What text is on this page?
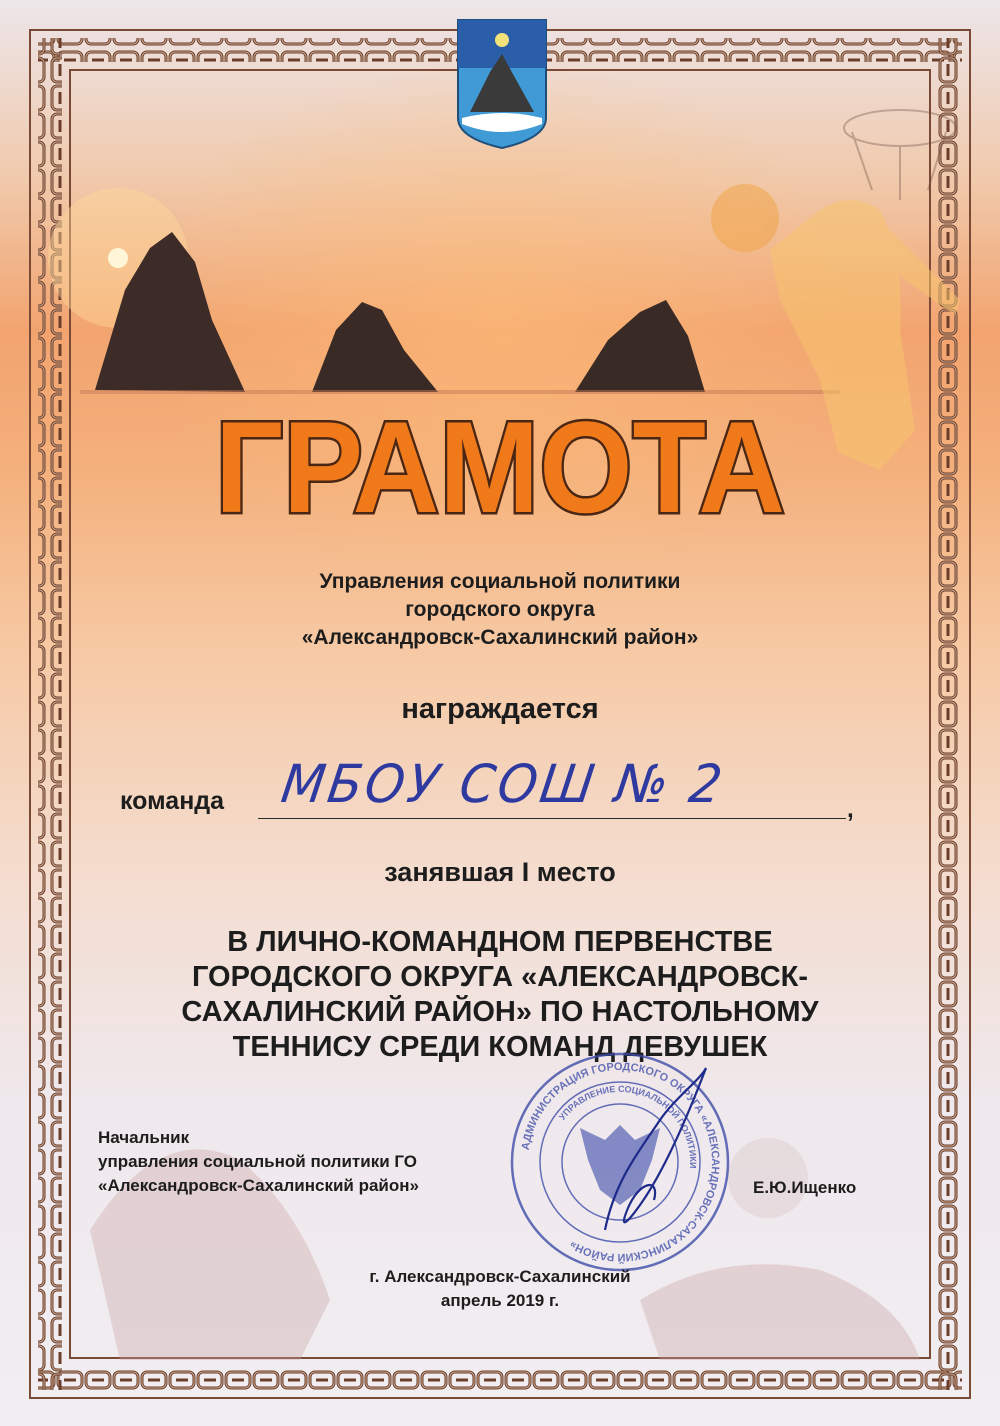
ГРАМОТА
Управления социальной политики
городского округа
«Александровск-Сахалинский район»
награждается
команда МБОУ СОШ № 2	,
занявшая I место
В ЛИЧНО-КОМАНДНОМ ПЕРВЕНСТВЕ
ГОРОДСКОГО ОКРУГА «АЛЕКСАНДРОВСК-
САХАЛИНСКИЙ РАЙОН» ПО НАСТОЛЬНОМУ
ТЕННИСУ СРЕДИ КОМАНД ДЕВУШЕК
АДМИНИСТРАЦИЯ ГОРОДСКОГО ОКРУГА «АЛЕКСАНДРОВСК-САХАЛИНСКИЙ РАЙОН»
УПРАВЛЕНИЕ СОЦИАЛЬНОЙ ПОЛИТИКИ
Начальник
управления социальной политики ГО
«Александровск-Сахалинский район»	Е.Ю.Ищенко
г. Александровск-Сахалинский
апрель 2019 г.
